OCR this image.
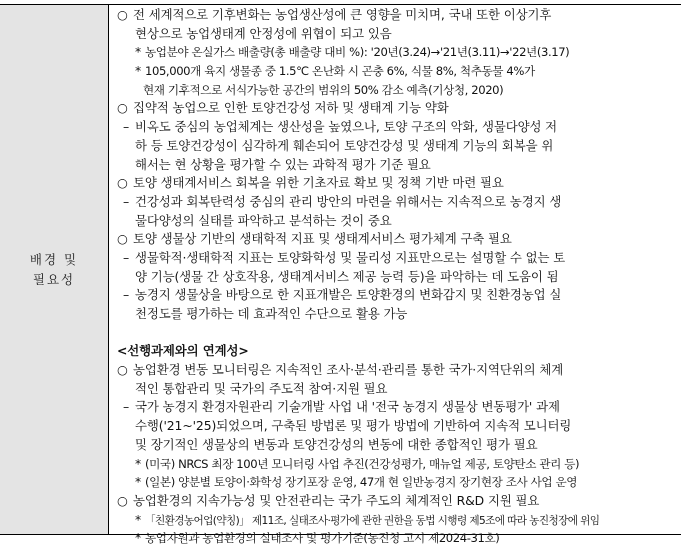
배경 및
필요성
○ 전 세계적으로 기후변화는 농업생산성에 큰 영향을 미치며, 국내 또한 이상기후
현상으로 농업생태계 안정성에 위협이 되고 있음
* 농업분야 온실가스 배출량(총 배출량 대비 %): '20년(3.24)→'21년(3.11)→'22년(3.17)
* 105,000개 육지 생물종 중 1.5℃ 온난화 시 곤충 6%, 식물 8%, 척추동물 4%가
현재 기후적으로 서식가능한 공간의 범위의 50% 감소 예측(기상청, 2020)
○ 집약적 농업으로 인한 토양건강성 저하 및 생태계 기능 약화
– 비옥도 중심의 농업체계는 생산성을 높였으나, 토양 구조의 악화, 생물다양성 저
하 등 토양건강성이 심각하게 훼손되어 토양건강성 및 생태계 기능의 회복을 위
해서는 현 상황을 평가할 수 있는 과학적 평가 기준 필요
○ 토양 생태계서비스 회복을 위한 기초자료 확보 및 정책 기반 마련 필요
– 건강성과 회복탄력성 중심의 관리 방안의 마련을 위해서는 지속적으로 농경지 생
물다양성의 실태를 파악하고 분석하는 것이 중요
○ 토양 생물상 기반의 생태학적 지표 및 생태계서비스 평가체계 구축 필요
– 생물학적·생태학적 지표는 토양화학성 및 물리성 지표만으로는 설명할 수 없는 토
양 기능(생물 간 상호작용, 생태계서비스 제공 능력 등)을 파악하는 데 도움이 됨
– 농경지 생물상을 바탕으로 한 지표개발은 토양환경의 변화감지 및 친환경농업 실
천정도를 평가하는 데 효과적인 수단으로 활용 가능
<선행과제와의 연계성>
○ 농업환경 변동 모니터링은 지속적인 조사·분석·관리를 통한 국가·지역단위의 체계
적인 통합관리 및 국가의 주도적 참여·지원 필요
– 국가 농경지 환경자원관리 기술개발 사업 내 '전국 농경지 생물상 변동평가' 과제
수행('21~'25)되었으며, 구축된 방법론 및 평가 방법에 기반하여 지속적 모니터링
및 장기적인 생물상의 변동과 토양건강성의 변동에 대한 종합적인 평가 필요
* (미국) NRCS 최장 100년 모니터링 사업 추진(건강성평가, 매뉴얼 제공, 토양탄소 관리 등)
* (일본) 양분별 토양이·화학성 장기포장 운영, 47개 현 일반농경지 장기현장 조사 사업 운영
○ 농업환경의 지속가능성 및 안전관리는 국가 주도의 체계적인 R&D 지원 필요
* 「친환경농어업(약칭)」 제11조, 실태조사·평가에 관한 권한을 동법 시행령 제5조에 따라 농진청장에 위임
* 농업자원과 농업환경의 실태조사 및 평가기준(농진청 고시 제2024-31호)
